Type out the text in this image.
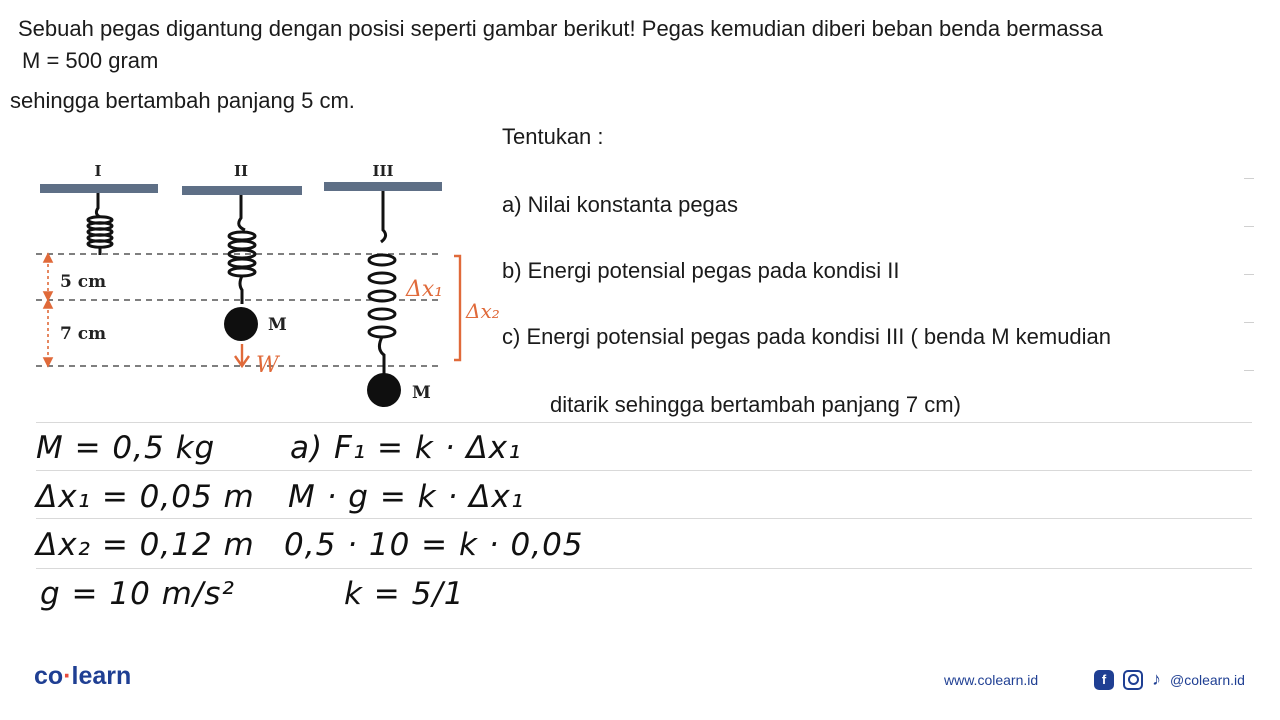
Sebuah pegas digantung dengan posisi seperti gambar berikut! Pegas kemudian diberi beban benda bermassa
M = 500 gram
sehingga bertambah panjang 5 cm.
Tentukan :
a) Nilai konstanta pegas
b) Energi potensial pegas pada kondisi II
c) Energi potensial pegas pada kondisi III ( benda M kemudian
ditarik sehingga bertambah panjang 7 cm)
5 cm
7 cm
I	II	III
M
W
M
Δx₁
Δx₂
M = 0,5 kg
Δx₁ = 0,05 m
Δx₂ = 0,12 m
g = 10 m/s²
a) F₁ = k · Δx₁
M · g = k · Δx₁
0,5 · 10 = k · 0,05
k = 5/1
co·learn	www.colearn.id	f	♪ @colearn.id
